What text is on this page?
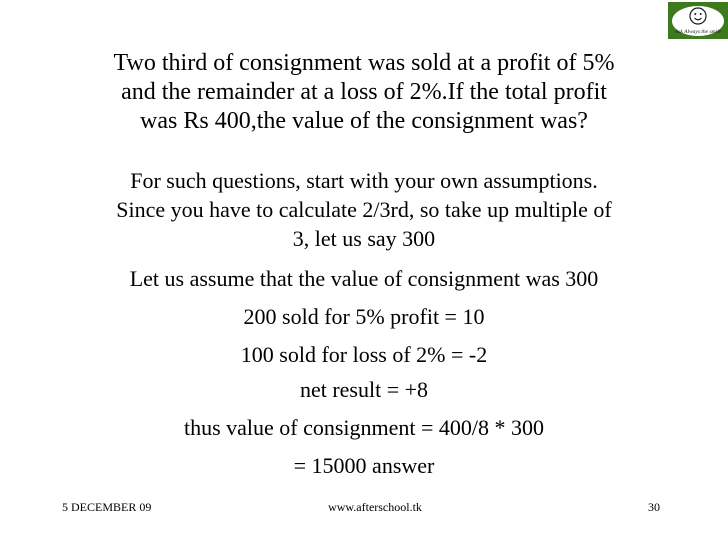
Ask Always the smile
Two third of consignment was sold at a profit of 5%
and the remainder at a loss of 2%.If the total profit
was Rs 400,the value of the consignment was?
For such questions, start with your own assumptions.
Since you have to calculate 2/3rd, so take up multiple of
3, let us say 300
Let us assume that the value of consignment was 300
200 sold for 5% profit = 10
100 sold for loss of 2% = -2
net result = +8
thus value of consignment = 400/8 * 300
= 15000 answer
5 DECEMBER 09	www.afterschool.tk	30
